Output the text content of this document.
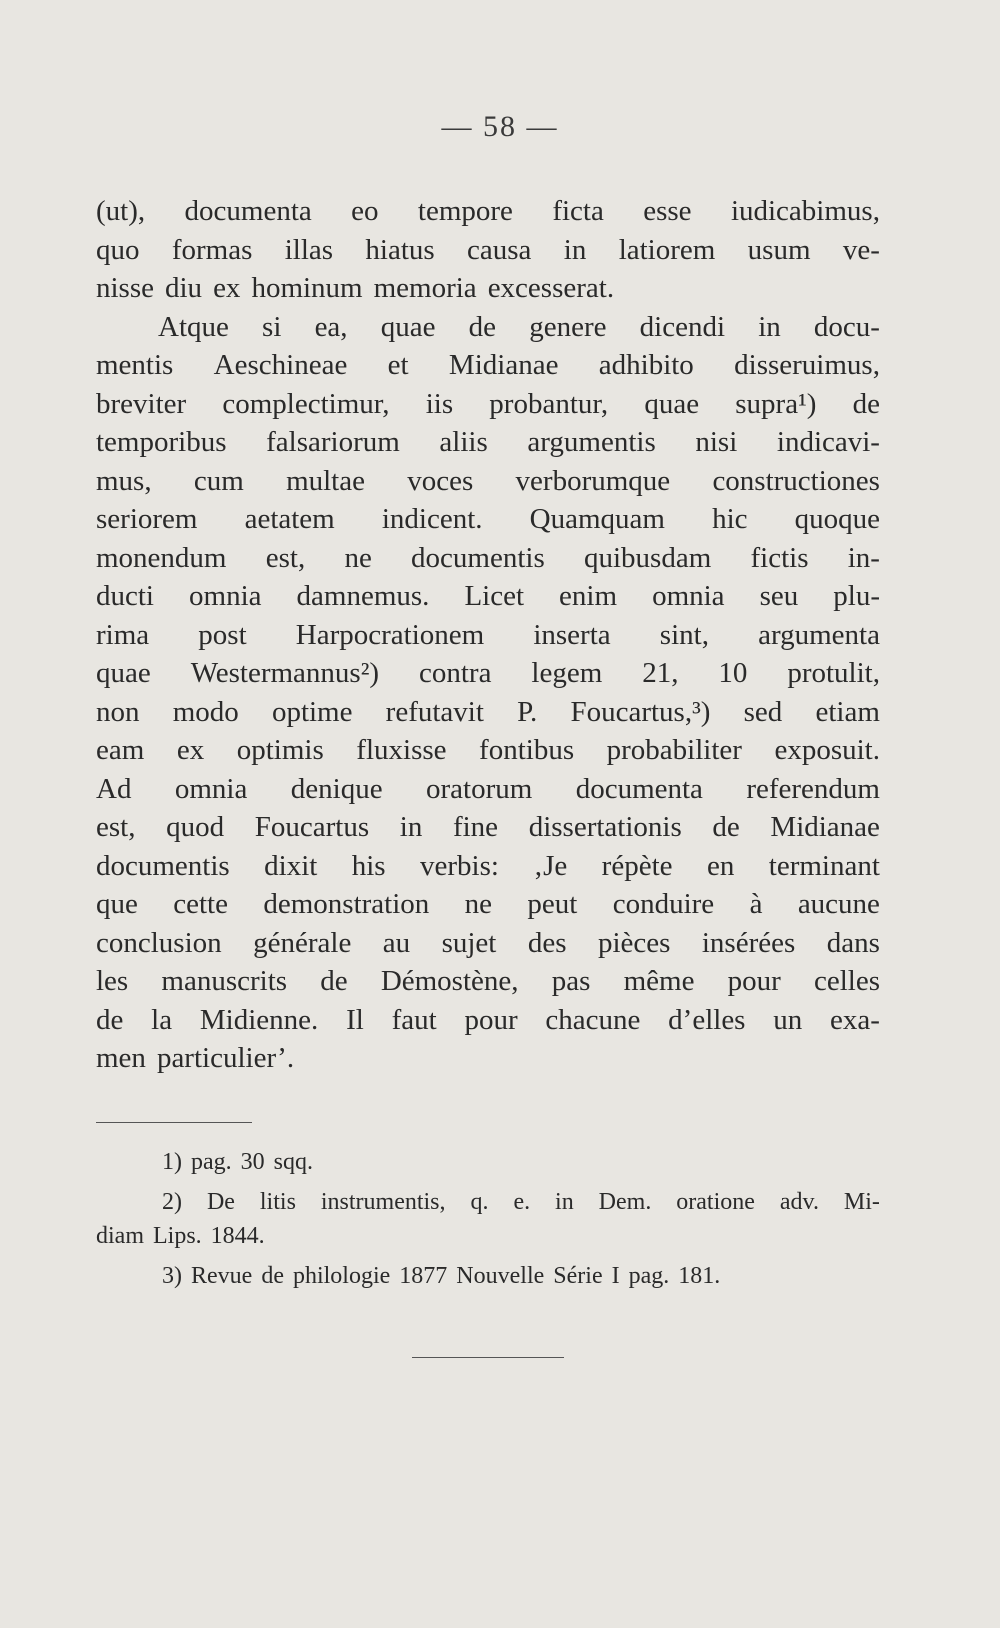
— 58 —
(ut), documenta eo tempore ficta esse iudicabimus,
quo formas illas hiatus causa in latiorem usum ve-
nisse diu ex hominum memoria excesserat.
Atque si ea, quae de genere dicendi in docu-
mentis Aeschineae et Midianae adhibito disseruimus,
breviter complectimur, iis probantur, quae supra¹) de
temporibus falsariorum aliis argumentis nisi indicavi-
mus, cum multae voces verborumque constructiones
seriorem aetatem indicent. Quamquam hic quoque
monendum est, ne documentis quibusdam fictis in-
ducti omnia damnemus. Licet enim omnia seu plu-
rima post Harpocrationem inserta sint, argumenta
quae Westermannus²) contra legem 21, 10 protulit,
non modo optime refutavit P. Foucartus,³) sed etiam
eam ex optimis fluxisse fontibus probabiliter exposuit.
Ad omnia denique oratorum documenta referendum
est, quod Foucartus in fine dissertationis de Midianae
documentis dixit his verbis: ‚Je répète en terminant
que cette demonstration ne peut conduire à aucune
conclusion générale au sujet des pièces insérées dans
les manuscrits de Démostène, pas même pour celles
de la Midienne. Il faut pour chacune d’elles un exa-
men particulier’.
1) pag. 30 sqq.
2) De litis instrumentis, q. e. in Dem. oratione adv. Mi-
diam Lips. 1844.
3) Revue de philologie 1877 Nouvelle Série I pag. 181.
